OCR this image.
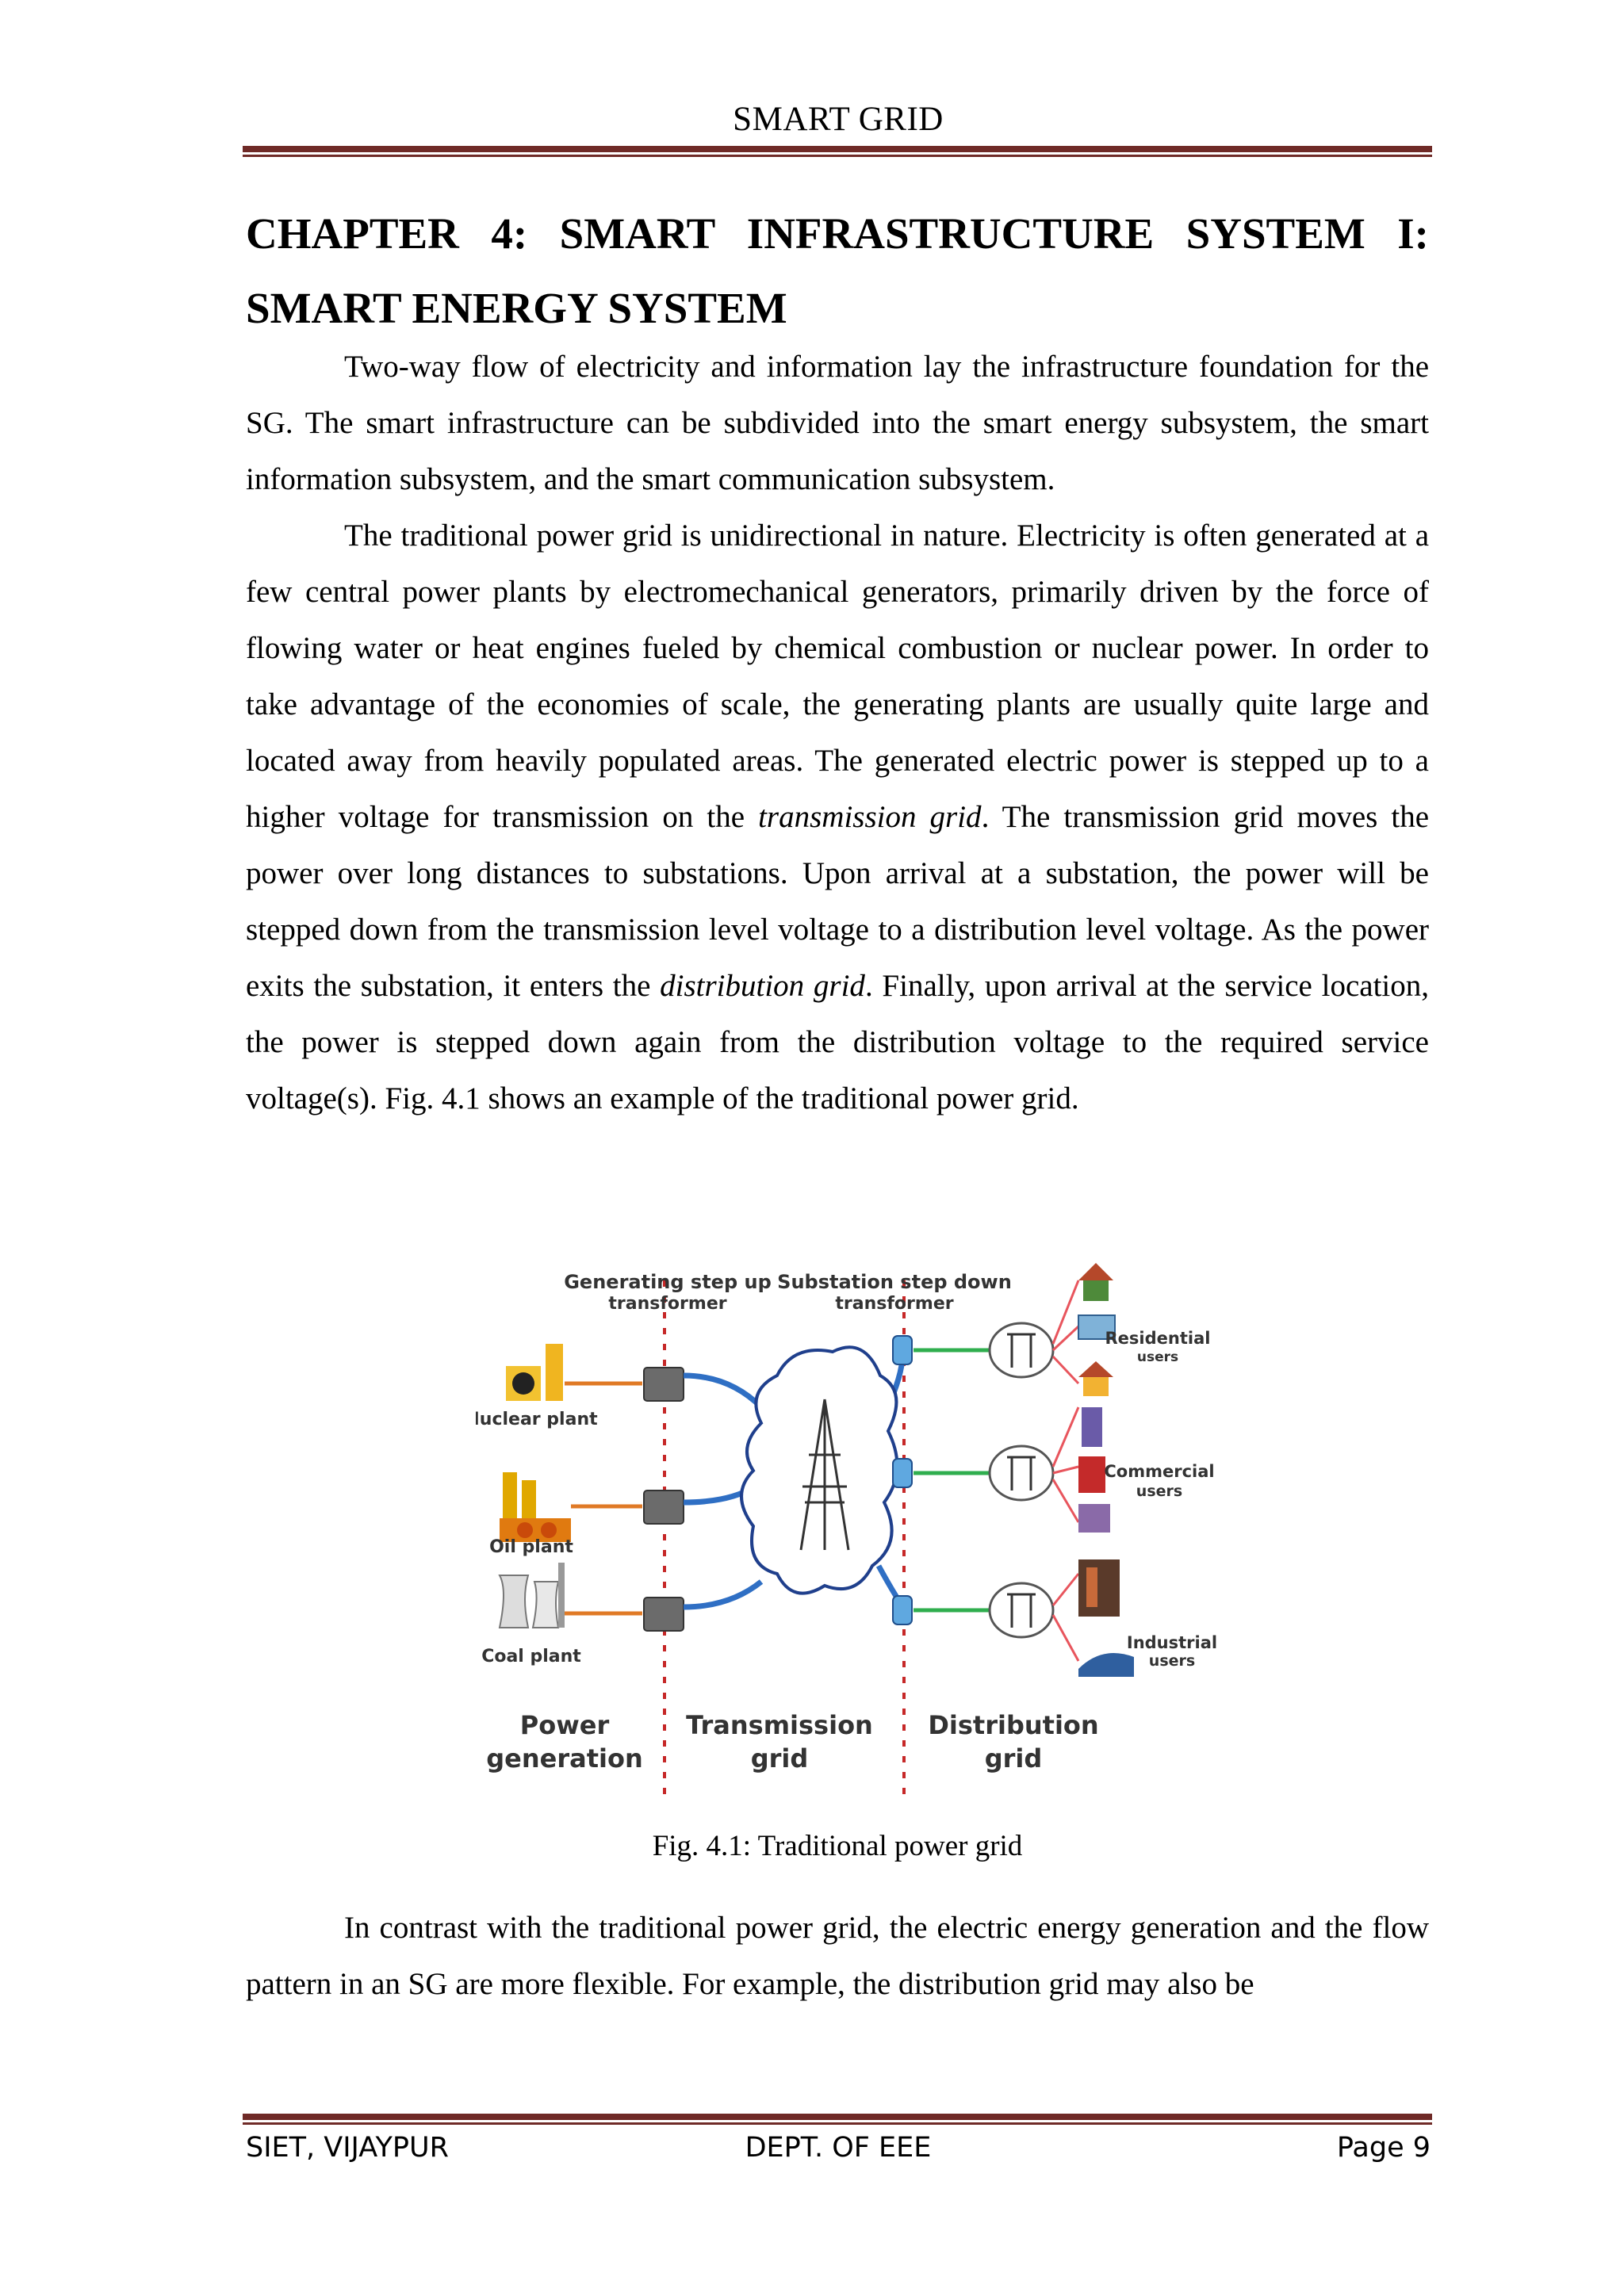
SMART GRID
CHAPTER 4: SMART INFRASTRUCTURE SYSTEM I:
SMART ENERGY SYSTEM

Two-way flow of electricity and information lay the infrastructure foundation for the SG. The smart infrastructure can be subdivided into the smart energy subsystem, the smart information subsystem, and the smart communication subsystem.

The traditional power grid is unidirectional in nature. Electricity is often generated at a few central power plants by electromechanical generators, primarily driven by the force of flowing water or heat engines fueled by chemical combustion or nuclear power. In order to take advantage of the economies of scale, the generating plants are usually quite large and located away from heavily populated areas. The generated electric power is stepped up to a higher voltage for transmission on the transmission grid. The transmission grid moves the power over long distances to substations. Upon arrival at a substation, the power will be stepped down from the transmission level voltage to a distribution level voltage. As the power exits the substation, it enters the distribution grid. Finally, upon arrival at the service location, the power is stepped down again from the distribution voltage to the required service voltage(s). Fig. 4.1 shows an example of the traditional power grid.

Generating step up
transformer
Substation step down
transformer
Nuclear plant
Oil plant
Coal plant
Residential
users
Commercial
users
Industrial
users
Power
generation
Transmission
grid
Distribution
grid
Fig. 4.1: Traditional power grid

In contrast with the traditional power grid, the electric energy generation and the flow pattern in an SG are more flexible. For example, the distribution grid may also be

SIET, VIJAYPUR	DEPT. OF EEE	Page 9
